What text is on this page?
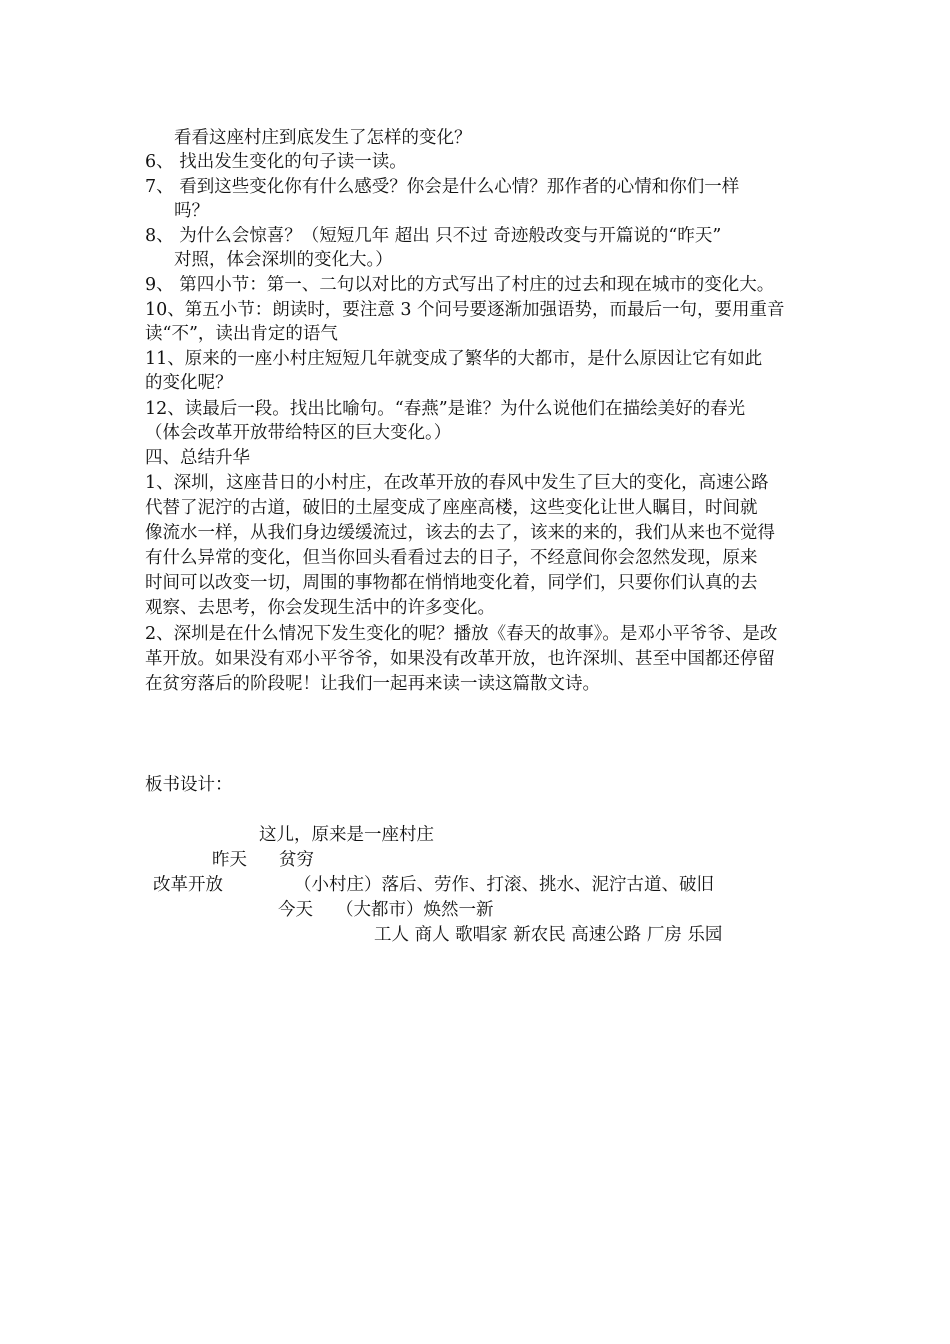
看看这座村庄到底发生了怎样的变化？
6、 找出发生变化的句子读一读。
7、 看到这些变化你有什么感受？你会是什么心情？那作者的心情和你们一样
吗？
8、 为什么会惊喜？（短短几年 超出 只不过 奇迹般改变与开篇说的“昨天”
对照，体会深圳的变化大。）
9、 第四小节：第一、二句以对比的方式写出了村庄的过去和现在城市的变化大。
10、第五小节：朗读时，要注意 3 个问号要逐渐加强语势，而最后一句，要用重音
读“不”，读出肯定的语气
11、原来的一座小村庄短短几年就变成了繁华的大都市，是什么原因让它有如此
的变化呢？
12、读最后一段。找出比喻句。“春燕”是谁？为什么说他们在描绘美好的春光
（体会改革开放带给特区的巨大变化。）
四、总结升华
1、深圳，这座昔日的小村庄，在改革开放的春风中发生了巨大的变化，高速公路
代替了泥泞的古道，破旧的土屋变成了座座高楼，这些变化让世人瞩目，时间就
像流水一样，从我们身边缓缓流过，该去的去了，该来的来的，我们从来也不觉得
有什么异常的变化，但当你回头看看过去的日子，不经意间你会忽然发现，原来
时间可以改变一切，周围的事物都在悄悄地变化着，同学们，只要你们认真的去
观察、去思考，你会发现生活中的许多变化。
2、深圳是在什么情况下发生变化的呢？播放《春天的故事》。是邓小平爷爷、是改
革开放。如果没有邓小平爷爷，如果没有改革开放，也许深圳、甚至中国都还停留
在贫穷落后的阶段呢！让我们一起再来读一读这篇散文诗。
板书设计：
这儿，原来是一座村庄
昨天 贫穷
改革开放	（小村庄）落后、劳作、打滚、挑水、泥泞古道、破旧
今天 （大都市）焕然一新
工人 商人 歌唱家 新农民 高速公路 厂房 乐园
